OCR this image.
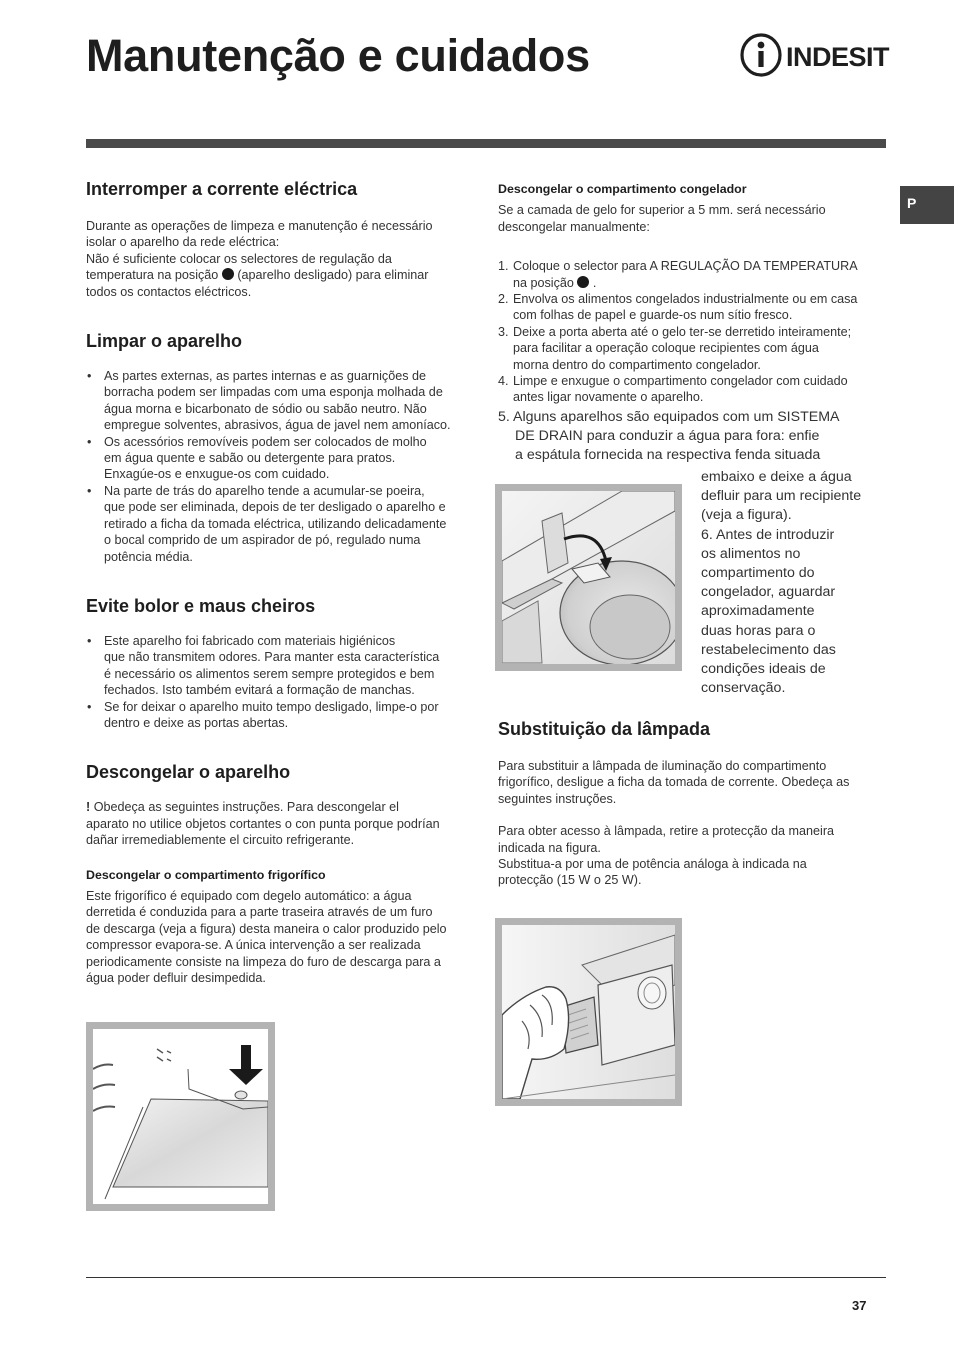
Manutenção e cuidados	INDESIT
P
Interromper a corrente eléctrica

Durante as operações de limpeza e manutenção é necessário

isolar o aparelho da rede eléctrica:

Não é suficiente colocar os selectores de regulação da

temperatura na posição (aparelho desligado) para eliminar

todos os contactos eléctricos.

Limpar o aparelho

• As partes externas, as partes internas e as guarnições de

borracha podem ser limpadas com uma esponja molhada de

água morna e bicarbonato de sódio ou sabão neutro. Não

empregue solventes, abrasivos, água de javel nem amoníaco.

• Os acessórios removíveis podem ser colocados de molho

em água quente e sabão ou detergente para pratos.

Enxagúe-os e enxugue-os com cuidado.

• Na parte de trás do aparelho tende a acumular-se poeira,

que pode ser eliminada, depois de ter desligado o aparelho e

retirado a ficha da tomada eléctrica, utilizando delicadamente

o bocal comprido de um aspirador de pó, regulado numa

potência média.

Evite bolor e maus cheiros

• Este aparelho foi fabricado com materiais higiénicos

que não transmitem odores. Para manter esta característica

é necessário os alimentos serem sempre protegidos e bem

fechados. Isto também evitará a formação de manchas.

• Se for deixar o aparelho muito tempo desligado, limpe-o por

dentro e deixe as portas abertas.

Descongelar o aparelho

! Obedeça as seguintes instruções. Para descongelar el

aparato no utilice objetos cortantes o con punta porque podrían

dañar irremediablemente el circuito refrigerante.

Descongelar o compartimento frigorífico

Este frigorífico é equipado com degelo automático: a água

derretida é conduzida para a parte traseira através de um furo

de descarga (veja a figura) desta maneira o calor produzido pelo

compressor evapora-se. A única intervenção a ser realizada

periodicamente consiste na limpeza do furo de descarga para a

água poder defluir desimpedida.

Descongelar o compartimento congelador

Se a camada de gelo for superior a 5 mm. será necessário

descongelar manualmente:

1. Coloque o selector para A REGULAÇÃO DA TEMPERATURA

na posição .

2. Envolva os alimentos congelados industrialmente ou em casa

com folhas de papel e guarde-os num sítio fresco.

3. Deixe a porta aberta até o gelo ter-se derretido inteiramente;

para facilitar a operação coloque recipientes com água

morna dentro do compartimento congelador.

4. Limpe e enxugue o compartimento congelador com cuidado

antes ligar novamente o aparelho.

5. Alguns aparelhos são equipados com um SISTEMA

DE DRAIN para conduzir a água para fora: enfie

a espátula fornecida na respectiva fenda situada

embaixo e deixe a água

defluir para um recipiente

(veja a figura).

6. Antes de introduzir

os alimentos no

compartimento do

congelador, aguardar

aproximadamente

duas horas para o

restabelecimento das

condições ideais de

conservação.

Substituição da lâmpada

Para substituir a lâmpada de iluminação do compartimento

frigorífico, desligue a ficha da tomada de corrente. Obedeça as

seguintes instruções.

Para obter acesso à lâmpada, retire a protecção da maneira

indicada na figura.

Substitua-a por uma de potência análoga à indicada na

protecção (15 W o 25 W).

37
